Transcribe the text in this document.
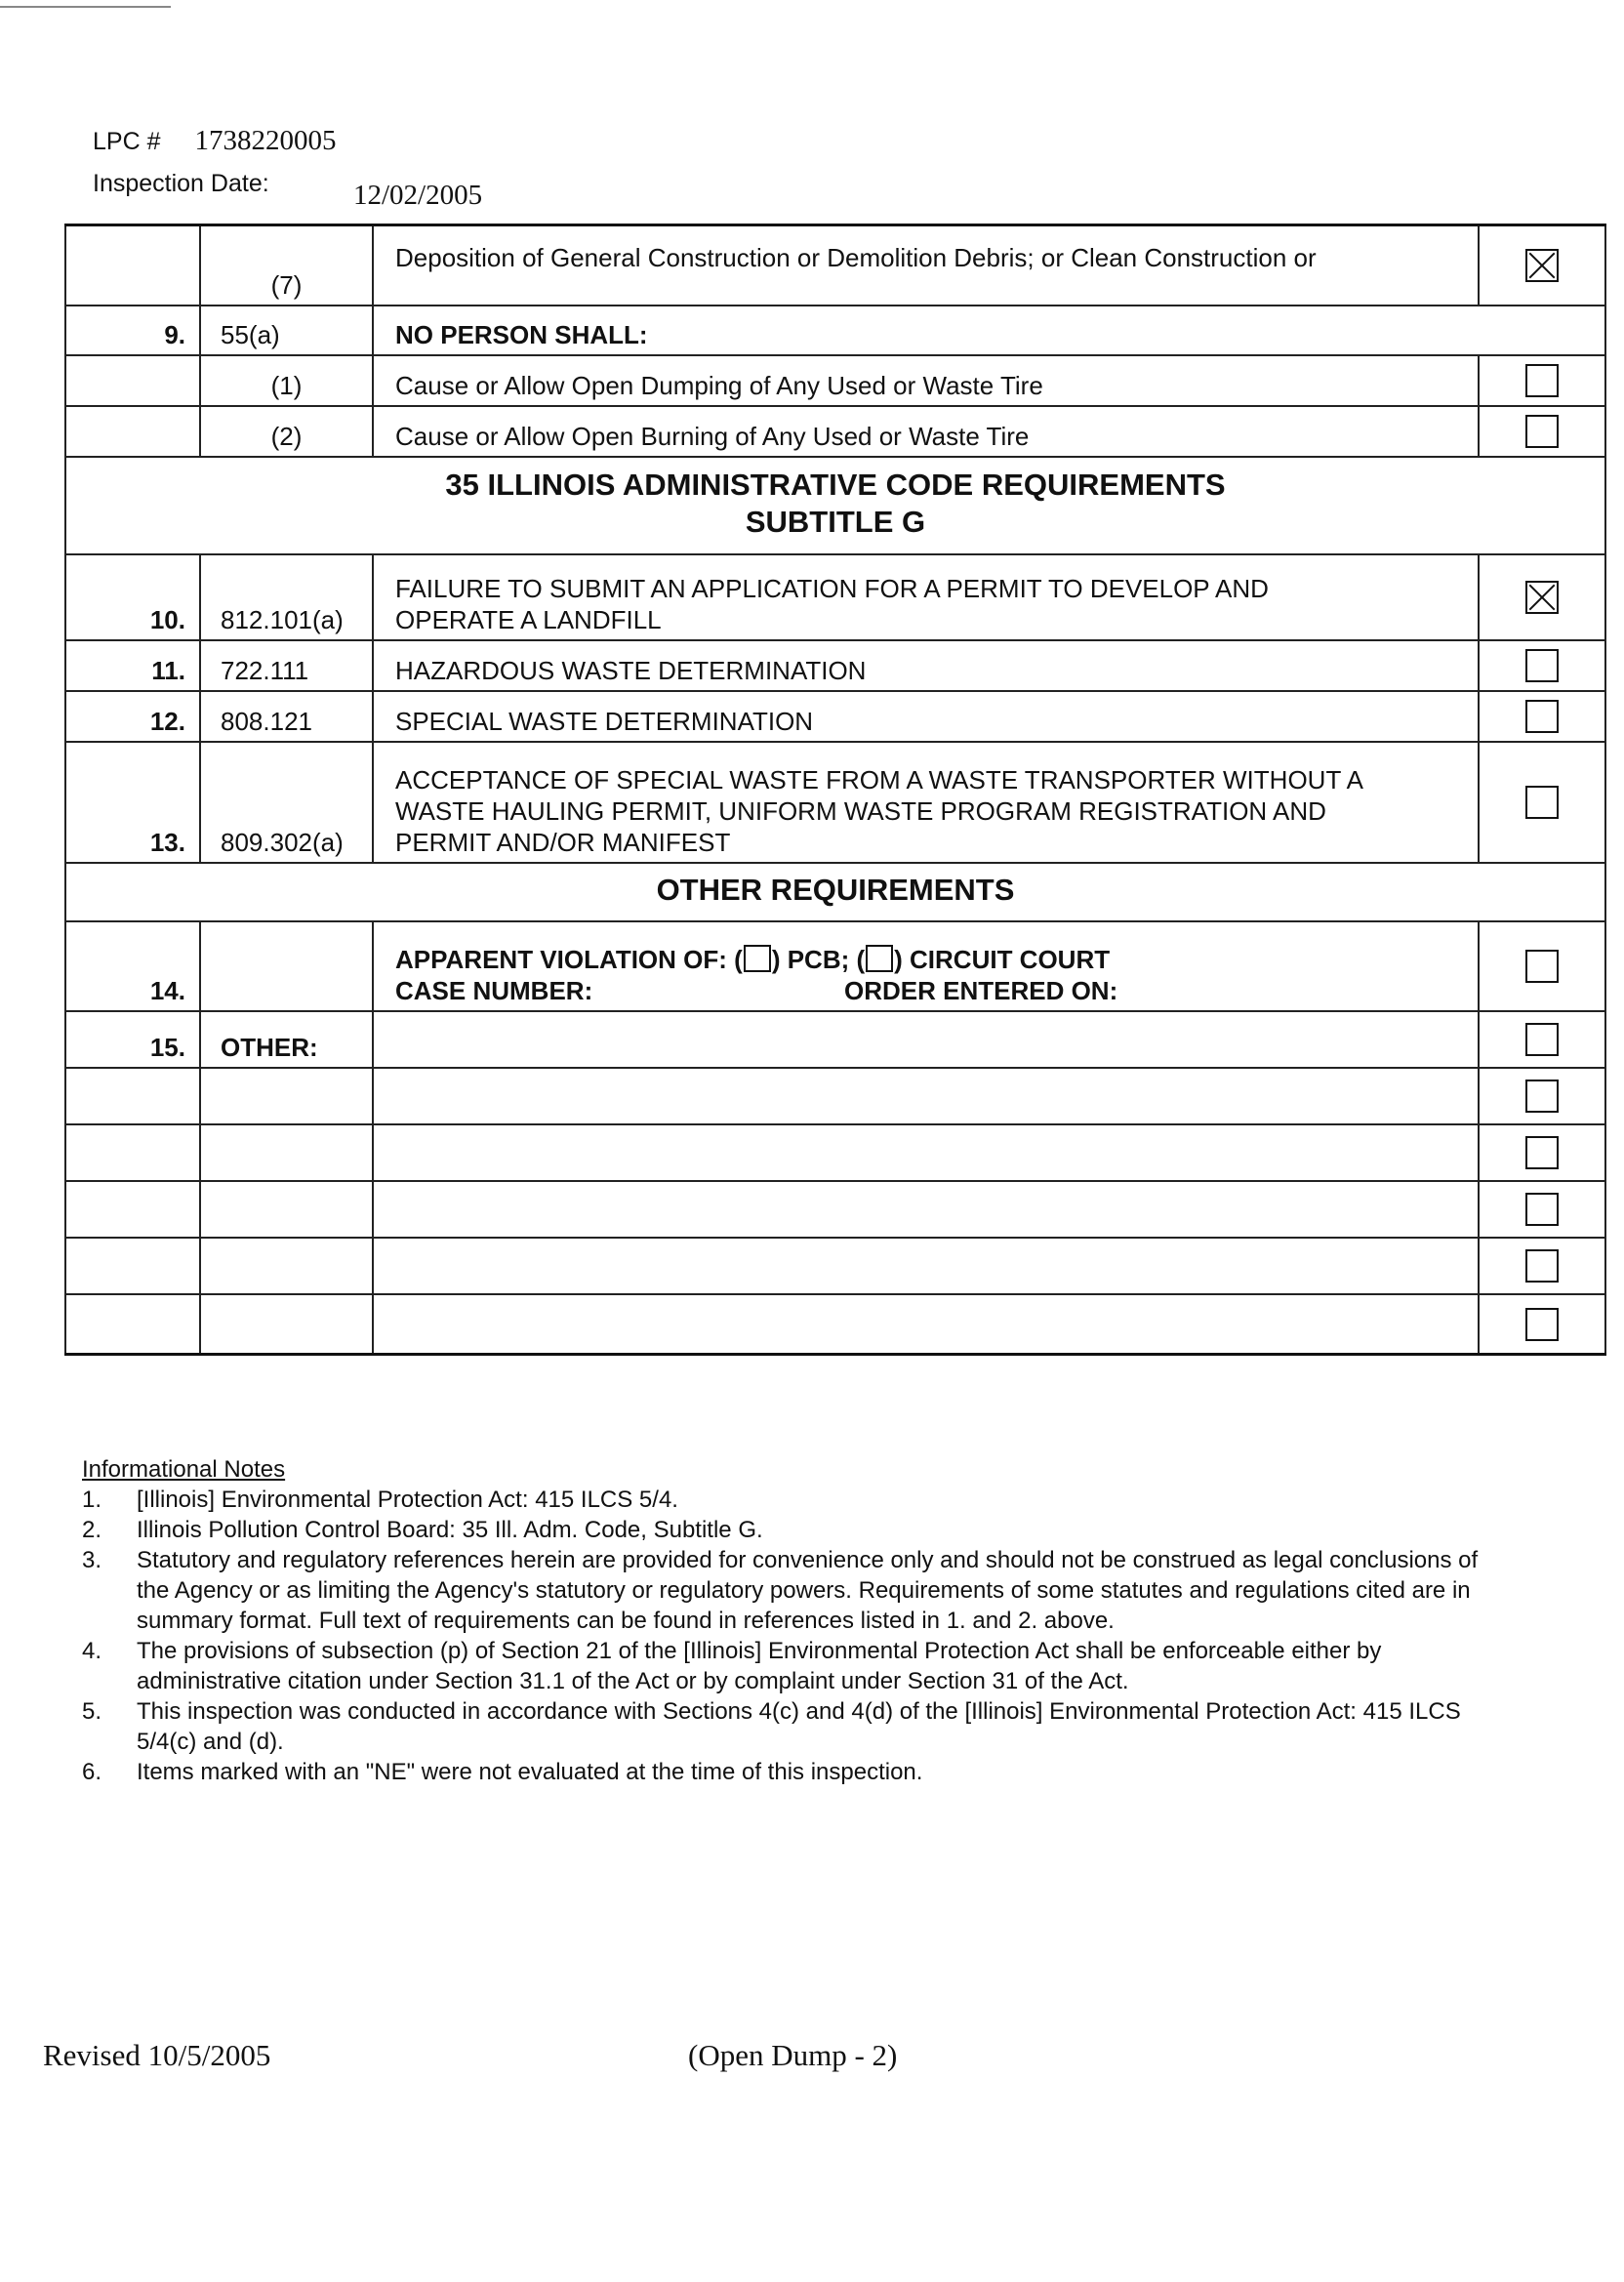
LPC # 1738220005
Inspection Date:	12/02/2005
	(7)	Deposition of General Construction or Demolition Debris; or Clean Construction or	
9.	55(a)	NO PERSON SHALL:	
	(1)	Cause or Allow Open Dumping of Any Used or Waste Tire	
	(2)	Cause or Allow Open Burning of Any Used or Waste Tire	

35 ILLINOIS ADMINISTRATIVE CODE REQUIREMENTS
SUBTITLE G			

10.	812.101(a)	FAILURE TO SUBMIT AN APPLICATION FOR A PERMIT TO DEVELOP AND
OPERATE A LANDFILL	

11.	722.111	HAZARDOUS WASTE DETERMINATION	
12.	808.121	SPECIAL WASTE DETERMINATION	
13.	809.302(a)	ACCEPTANCE OF SPECIAL WASTE FROM A WASTE TRANSPORTER WITHOUT A
WASTE HAULING PERMIT, UNIFORM WASTE PROGRAM REGISTRATION AND
PERMIT AND/OR MANIFEST	

OTHER REQUIREMENTS			
14.		APPARENT VIOLATION OF: ( ) PCB; ( ) CIRCUIT COURT
CASE NUMBER: ORDER ENTERED ON:	

15.	OTHER:		

Informational Notes
1. [Illinois] Environmental Protection Act: 415 ILCS 5/4.
2. Illinois Pollution Control Board: 35 Ill. Adm. Code, Subtitle G.
3. Statutory and regulatory references herein are provided for convenience only and should not be construed as legal conclusions of the Agency or as limiting the Agency's statutory or regulatory powers. Requirements of some statutes and regulations cited are in summary format. Full text of requirements can be found in references listed in 1. and 2. above.
4. The provisions of subsection (p) of Section 21 of the [Illinois] Environmental Protection Act shall be enforceable either by administrative citation under Section 31.1 of the Act or by complaint under Section 31 of the Act.
5. This inspection was conducted in accordance with Sections 4(c) and 4(d) of the [Illinois] Environmental Protection Act: 415 ILCS 5/4(c) and (d).
6. Items marked with an "NE" were not evaluated at the time of this inspection.
Revised 10/5/2005	(Open Dump - 2)
